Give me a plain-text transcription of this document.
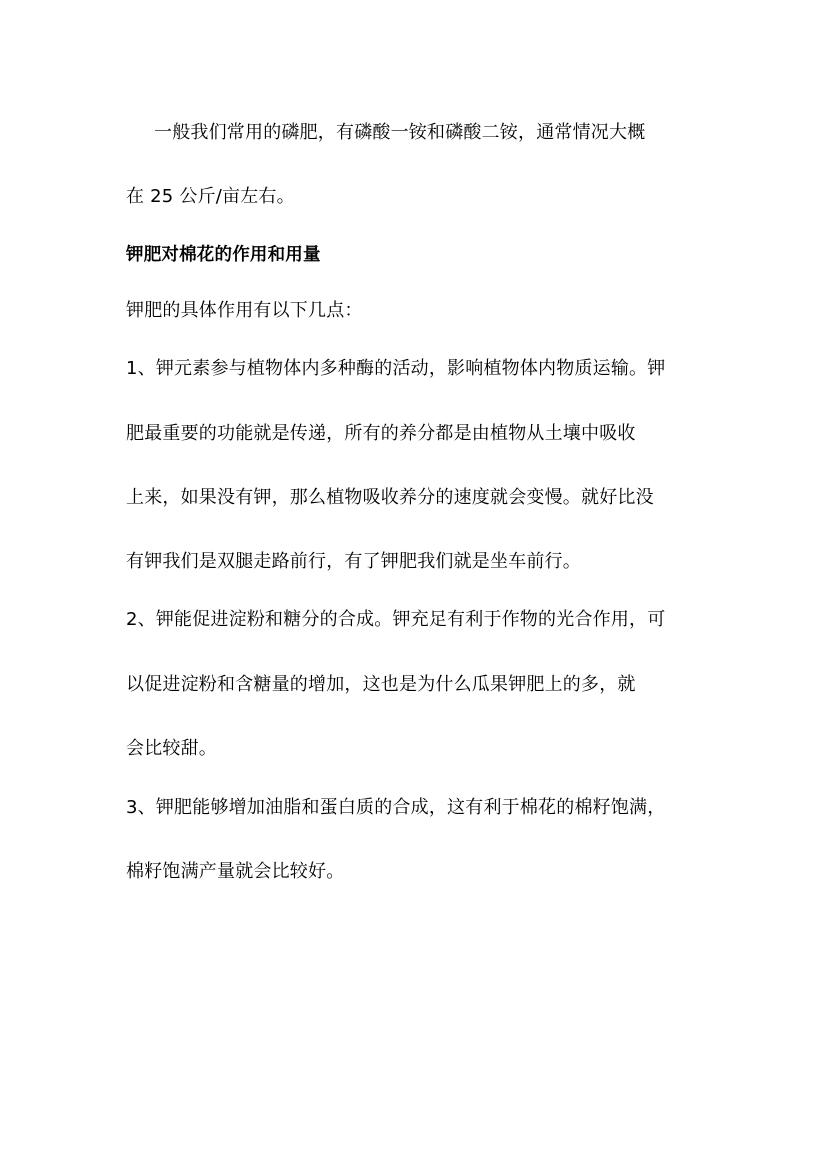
一般我们常用的磷肥，有磷酸一铵和磷酸二铵，通常情况大概
在 25 公斤/亩左右。
钾肥对棉花的作用和用量
钾肥的具体作用有以下几点：
1、钾元素参与植物体内多种酶的活动，影响植物体内物质运输。钾
肥最重要的功能就是传递，所有的养分都是由植物从土壤中吸收
上来，如果没有钾，那么植物吸收养分的速度就会变慢。就好比没
有钾我们是双腿走路前行，有了钾肥我们就是坐车前行。
2、钾能促进淀粉和糖分的合成。钾充足有利于作物的光合作用，可
以促进淀粉和含糖量的增加，这也是为什么瓜果钾肥上的多，就
会比较甜。
3、钾肥能够增加油脂和蛋白质的合成，这有利于棉花的棉籽饱满，
棉籽饱满产量就会比较好。
